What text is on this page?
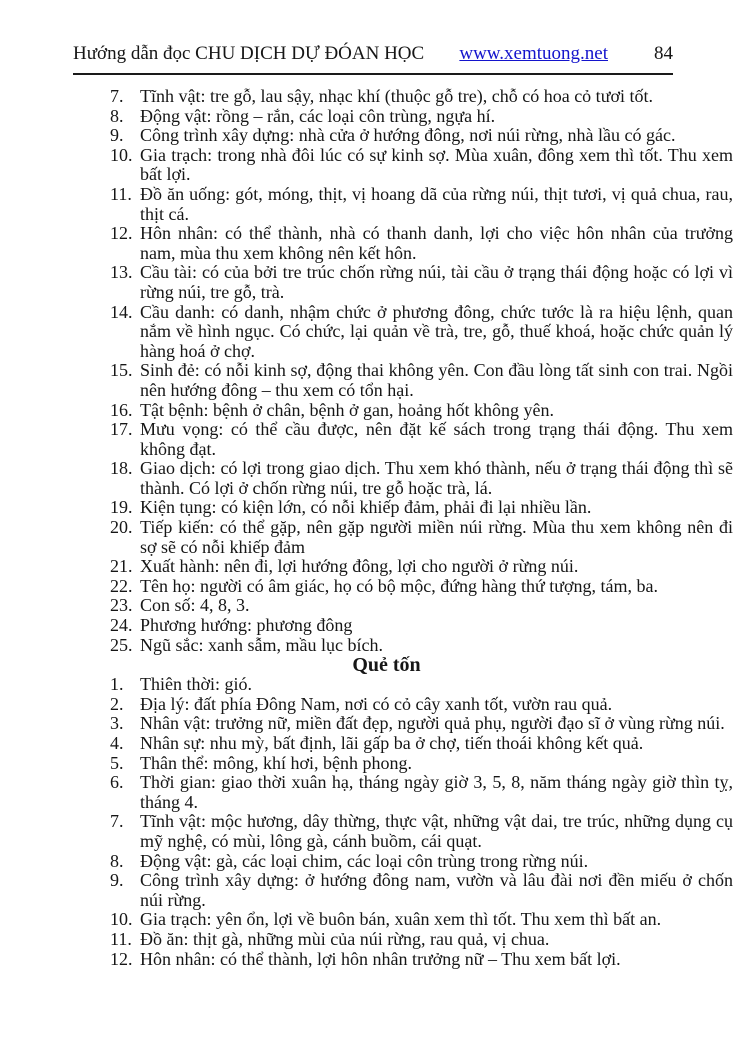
Hướng dẫn đọc CHU DỊCH DỰ ĐÓAN HỌC www.xemtuong.net 84
7. Tĩnh vật: tre gỗ, lau sậy, nhạc khí (thuộc gỗ tre), chỗ có hoa cỏ tươi tốt.
8. Động vật: rồng – rắn, các loại côn trùng, ngựa hí.
9. Công trình xây dựng: nhà cửa ở hướng đông, nơi núi rừng, nhà lầu có gác.
10. Gia trạch: trong nhà đôi lúc có sự kinh sợ. Mùa xuân, đông xem thì tốt. Thu xem bất lợi.
11. Đồ ăn uống: gót, móng, thịt, vị hoang dã của rừng núi, thịt tươi, vị quả chua, rau, thịt cá.
12. Hôn nhân: có thể thành, nhà có thanh danh, lợi cho việc hôn nhân của trưởng nam, mùa thu xem không nên kết hôn.
13. Cầu tài: có của bởi tre trúc chốn rừng núi, tài cầu ở trạng thái động hoặc có lợi vì rừng núi, tre gỗ, trà.
14. Cầu danh: có danh, nhậm chức ở phương đông, chức tước là ra hiệu lệnh, quan nắm về hình ngục. Có chức, lại quản về trà, tre, gỗ, thuế khoá, hoặc chức quản lý hàng hoá ở chợ.
15. Sinh đẻ: có nỗi kinh sợ, động thai không yên. Con đầu lòng tất sinh con trai. Ngồi nên hướng đông – thu xem có tổn hại.
16. Tật bệnh: bệnh ở chân, bệnh ở gan, hoảng hốt không yên.
17. Mưu vọng: có thể cầu được, nên đặt kế sách trong trạng thái động. Thu xem không đạt.
18. Giao dịch: có lợi trong giao dịch. Thu xem khó thành, nếu ở trạng thái động thì sẽ thành. Có lợi ở chốn rừng núi, tre gỗ hoặc trà, lá.
19. Kiện tụng: có kiện lớn, có nỗi khiếp đảm, phải đi lại nhiều lần.
20. Tiếp kiến: có thể gặp, nên gặp người miền núi rừng. Mùa thu xem không nên đi sợ sẽ có nỗi khiếp đảm
21. Xuất hành: nên đi, lợi hướng đông, lợi cho người ở rừng núi.
22. Tên họ: người có âm giác, họ có bộ mộc, đứng hàng thứ tượng, tám, ba.
23. Con số: 4, 8, 3.
24. Phương hướng: phương đông
25. Ngũ sắc: xanh sẫm, mầu lục bích.
Quẻ tốn
1. Thiên thời: gió.
2. Địa lý: đất phía Đông Nam, nơi có cỏ cây xanh tốt, vườn rau quả.
3. Nhân vật: trưởng nữ, miền đất đẹp, người quả phụ, người đạo sĩ ở vùng rừng núi.
4. Nhân sự: nhu mỳ, bất định, lãi gấp ba ở chợ, tiến thoái không kết quả.
5. Thân thể: mông, khí hơi, bệnh phong.
6. Thời gian: giao thời xuân hạ, tháng ngày giờ 3, 5, 8, năm tháng ngày giờ thìn tỵ, tháng 4.
7. Tĩnh vật: mộc hương, dây thừng, thực vật, những vật dai, tre trúc, những dụng cụ mỹ nghệ, có mùi, lông gà, cánh buồm, cái quạt.
8. Động vật: gà, các loại chim, các loại côn trùng trong rừng núi.
9. Công trình xây dựng: ở hướng đông nam, vườn và lâu đài nơi đền miếu ở chốn núi rừng.
10. Gia trạch: yên ổn, lợi về buôn bán, xuân xem thì tốt. Thu xem thì bất an.
11. Đồ ăn: thịt gà, những mùi của núi rừng, rau quả, vị chua.
12. Hôn nhân: có thể thành, lợi hôn nhân trưởng nữ – Thu xem bất lợi.
